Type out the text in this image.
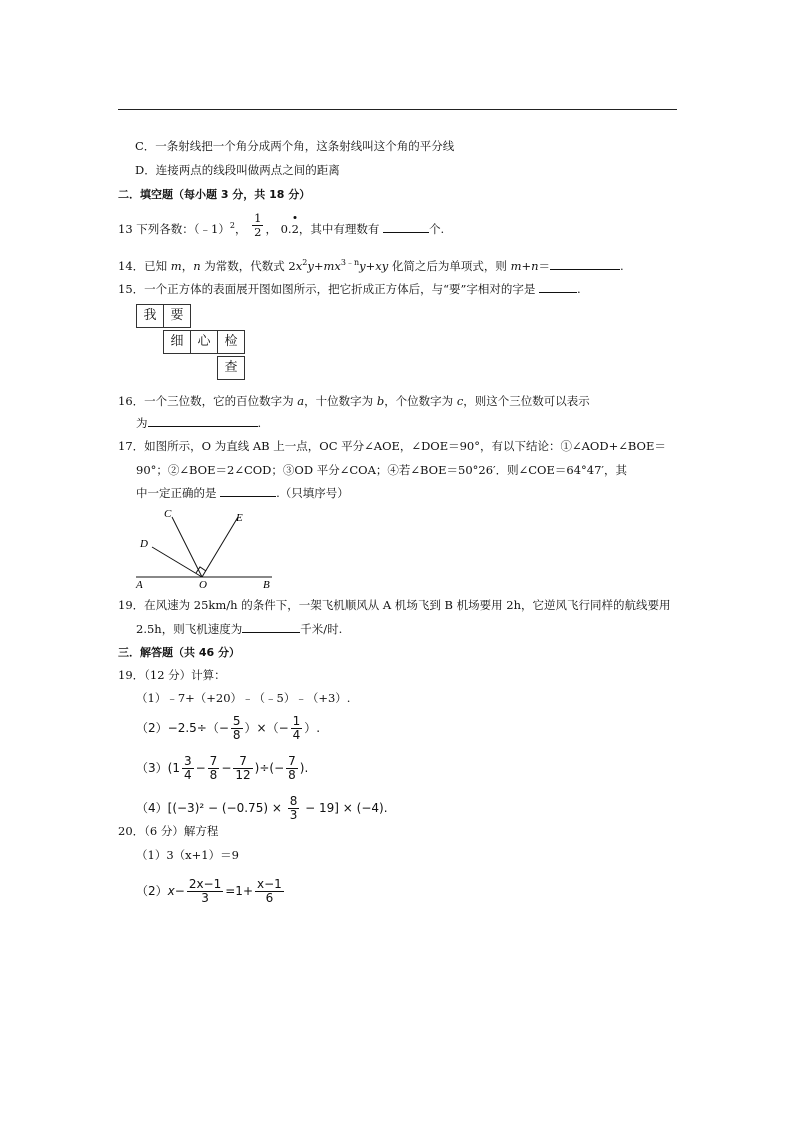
C．一条射线把一个角分成两个角，这条射线叫这个角的平分线
D．连接两点的线段叫做两点之间的距离
二．填空题（每小题 3 分，共 18 分）
13 下列各数：（﹣1）$^2$， $\frac{1}{2}$ ， 0.2，其中有理数有	个.
14．已知 m，n 为常数，代数式 $2x^2y+mx^{3﹣n}y+xy$ 化简之后为单项式，则 m+n＝	.
15．一个正方体的表面展开图如图所示，把它折成正方体后，与“要”字相对的字是	.
我	要
细	心	检
查
16．一个三位数，它的百位数字为 a，十位数字为 b，个位数字为 c，则这个三位数可以表示
为	.
17．如图所示，O 为直线 AB 上一点，OC 平分∠AOE，∠DOE＝90°，有以下结论：①∠AOD+∠BOE＝
90°；②∠BOE＝2∠COD；③OD 平分∠COA；④若∠BOE＝50°26′．则∠COE＝64°47′，其
中一定正确的是	.（只填序号）
C	E
D
A	O	B
19．在风速为 25km/h 的条件下，一架飞机顺风从 A 机场飞到 B 机场要用 2h，它逆风飞行同样的航线要用
2.5h，则飞机速度为	千米/时.
三．解答题（共 46 分）
19．（12 分）计算：
（1）﹣7+（+20）﹣（﹣5）﹣（+3）.
$(2)-2.5\div(- \frac{5}{8}$ ）×（− $\frac{1}{4}$ ）.
$(3)(1 \frac{3}{4} - \frac{7}{8} - \frac{7}{12}$ )÷(− $\frac{7}{8}$ ).
$(4)[(-3)^2 - (-0.75) \times \frac{8}{3} - 19] \times (-4)$.
20．（6 分）解方程
（1）3（x+1）＝9
$(2)x- \frac{2x-1}{3} =1+ \frac{x-1}{6}$
